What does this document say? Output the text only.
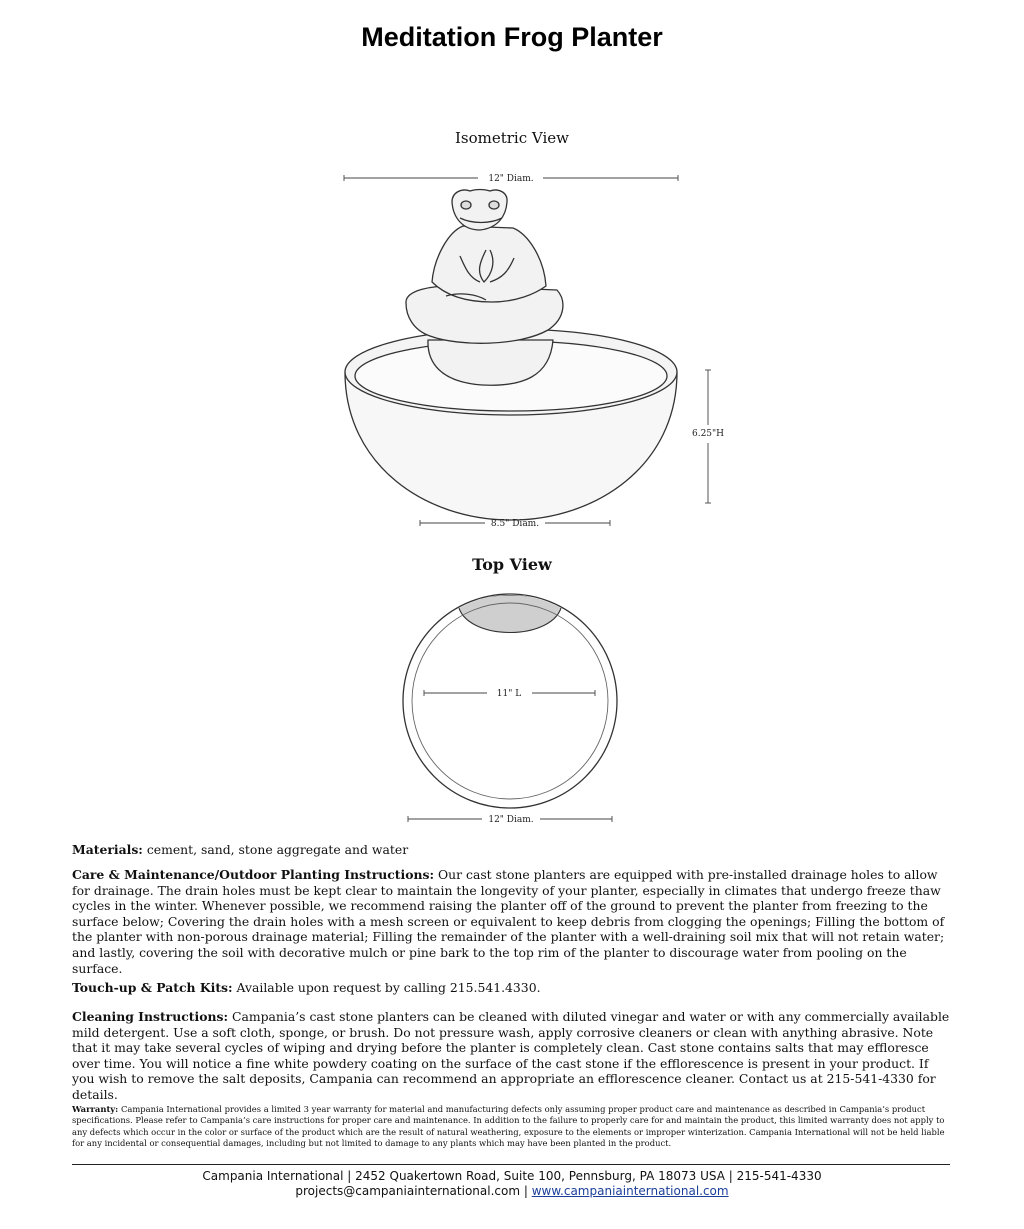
Meditation Frog Planter
Isometric View
Top View
12" Diam.
6.25"H
8.5" Diam.
11" L
12" Diam.
Materials: cement, sand, stone aggregate and water
Care & Maintenance/Outdoor Planting Instructions: Our cast stone planters are equipped with pre-installed drainage holes to allow for drainage. The drain holes must be kept clear to maintain the longevity of your planter, especially in climates that undergo freeze thaw cycles in the winter. Whenever possible, we recommend raising the planter off of the ground to prevent the planter from freezing to the surface below; Covering the drain holes with a mesh screen or equivalent to keep debris from clogging the openings; Filling the bottom of the planter with non-porous drainage material; Filling the remainder of the planter with a well-draining soil mix that will not retain water; and lastly, covering the soil with decorative mulch or pine bark to the top rim of the planter to discourage water from pooling on the surface.
Touch-up & Patch Kits: Available upon request by calling 215.541.4330.
Cleaning Instructions: Campania’s cast stone planters can be cleaned with diluted vinegar and water or with any commercially available mild detergent. Use a soft cloth, sponge, or brush. Do not pressure wash, apply corrosive cleaners or clean with anything abrasive. Note that it may take several cycles of wiping and drying before the planter is completely clean. Cast stone contains salts that may effloresce over time. You will notice a fine white powdery coating on the surface of the cast stone if the efflorescence is present in your product. If you wish to remove the salt deposits, Campania can recommend an appropriate an efflorescence cleaner. Contact us at 215-541-4330 for details.
Warranty: Campania International provides a limited 3 year warranty for material and manufacturing defects only assuming proper product care and maintenance as described in Campania’s product specifications. Please refer to Campania’s care instructions for proper care and maintenance. In addition to the failure to properly care for and maintain the product, this limited warranty does not apply to any defects which occur in the color or surface of the product which are the result of natural weathering, exposure to the elements or improper winterization. Campania International will not be held liable for any incidental or consequential damages, including but not limited to damage to any plants which may have been planted in the product.
Campania International | 2452 Quakertown Road, Suite 100, Pennsburg, PA 18073 USA | 215-541-4330
projects@campaniainternational.com | www.campaniainternational.com
